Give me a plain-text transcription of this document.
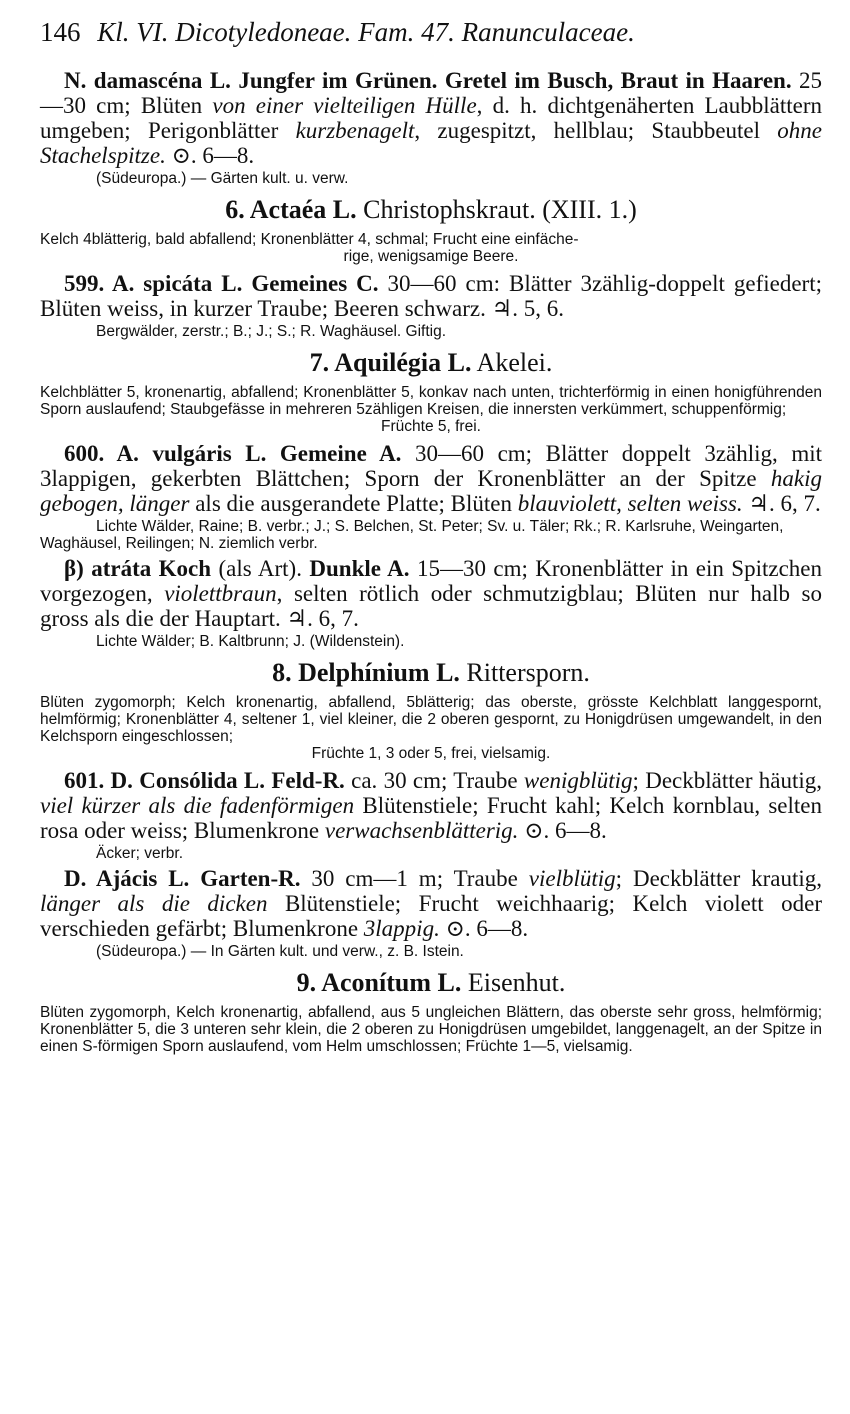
146 Kl. VI. Dicotyledoneae. Fam. 47. Ranunculaceae.

N. damascéna L. Jungfer im Grünen. Gretel im Busch, Braut in Haaren. 25—30 cm; Blüten von einer vielteiligen Hülle, d. h. dichtgenäherten Laubblättern umgeben; Perigonblätter kurzbenagelt, zugespitzt, hellblau; Staubbeutel ohne Stachelspitze. ⊙. 6—8.

(Südeuropa.) — Gärten kult. u. verw.

6. Actaéa L. Christophskraut. (XIII. 1.)

Kelch 4blätterig, bald abfallend; Kronenblätter 4, schmal; Frucht eine einfäche-
rige, wenigsamige Beere.

599. A. spicáta L. Gemeines C. 30—60 cm: Blätter 3zählig-doppelt gefiedert; Blüten weiss, in kurzer Traube; Beeren schwarz. ♃. 5, 6.

Bergwälder, zerstr.; B.; J.; S.; R. Waghäusel. Giftig.

7. Aquilégia L. Akelei.

Kelchblätter 5, kronenartig, abfallend; Kronenblätter 5, konkav nach unten, trichterförmig in einen honigführenden Sporn auslaufend; Staubgefässe in mehreren 5zähligen Kreisen, die innersten verkümmert, schuppenförmig;
Früchte 5, frei.

600. A. vulgáris L. Gemeine A. 30—60 cm; Blätter doppelt 3zählig, mit 3lappigen, gekerbten Blättchen; Sporn der Kronenblätter an der Spitze hakig gebogen, länger als die ausgerandete Platte; Blüten blauviolett, selten weiss. ♃. 6, 7.

Lichte Wälder, Raine; B. verbr.; J.; S. Belchen, St. Peter; Sv. u. Täler; Rk.; R. Karlsruhe, Weingarten, Waghäusel, Reilingen; N. ziemlich verbr.

β) atráta Koch (als Art). Dunkle A. 15—30 cm; Kronenblätter in ein Spitzchen vorgezogen, violettbraun, selten rötlich oder schmutzigblau; Blüten nur halb so gross als die der Hauptart. ♃. 6, 7.

Lichte Wälder; B. Kaltbrunn; J. (Wildenstein).

8. Delphínium L. Rittersporn.

Blüten zygomorph; Kelch kronenartig, abfallend, 5blätterig; das oberste, grösste Kelchblatt langgespornt, helmförmig; Kronenblätter 4, seltener 1, viel kleiner, die 2 oberen gespornt, zu Honigdrüsen umgewandelt, in den Kelchsporn eingeschlossen;
Früchte 1, 3 oder 5, frei, vielsamig.

601. D. Consólida L. Feld-R. ca. 30 cm; Traube wenigblütig; Deckblätter häutig, viel kürzer als die fadenförmigen Blütenstiele; Frucht kahl; Kelch kornblau, selten rosa oder weiss; Blumenkrone verwachsenblätterig. ⊙. 6—8.

Äcker; verbr.

D. Ajácis L. Garten-R. 30 cm—1 m; Traube vielblütig; Deckblätter krautig, länger als die dicken Blütenstiele; Frucht weichhaarig; Kelch violett oder verschieden gefärbt; Blumenkrone 3lappig. ⊙. 6—8.

(Südeuropa.) — In Gärten kult. und verw., z. B. Istein.

9. Aconítum L. Eisenhut.

Blüten zygomorph, Kelch kronenartig, abfallend, aus 5 ungleichen Blättern, das oberste sehr gross, helmförmig; Kronenblätter 5, die 3 unteren sehr klein, die 2 oberen zu Honigdrüsen umgebildet, langgenagelt, an der Spitze in einen S-förmigen Sporn auslaufend, vom Helm umschlossen; Früchte 1—5, vielsamig.
